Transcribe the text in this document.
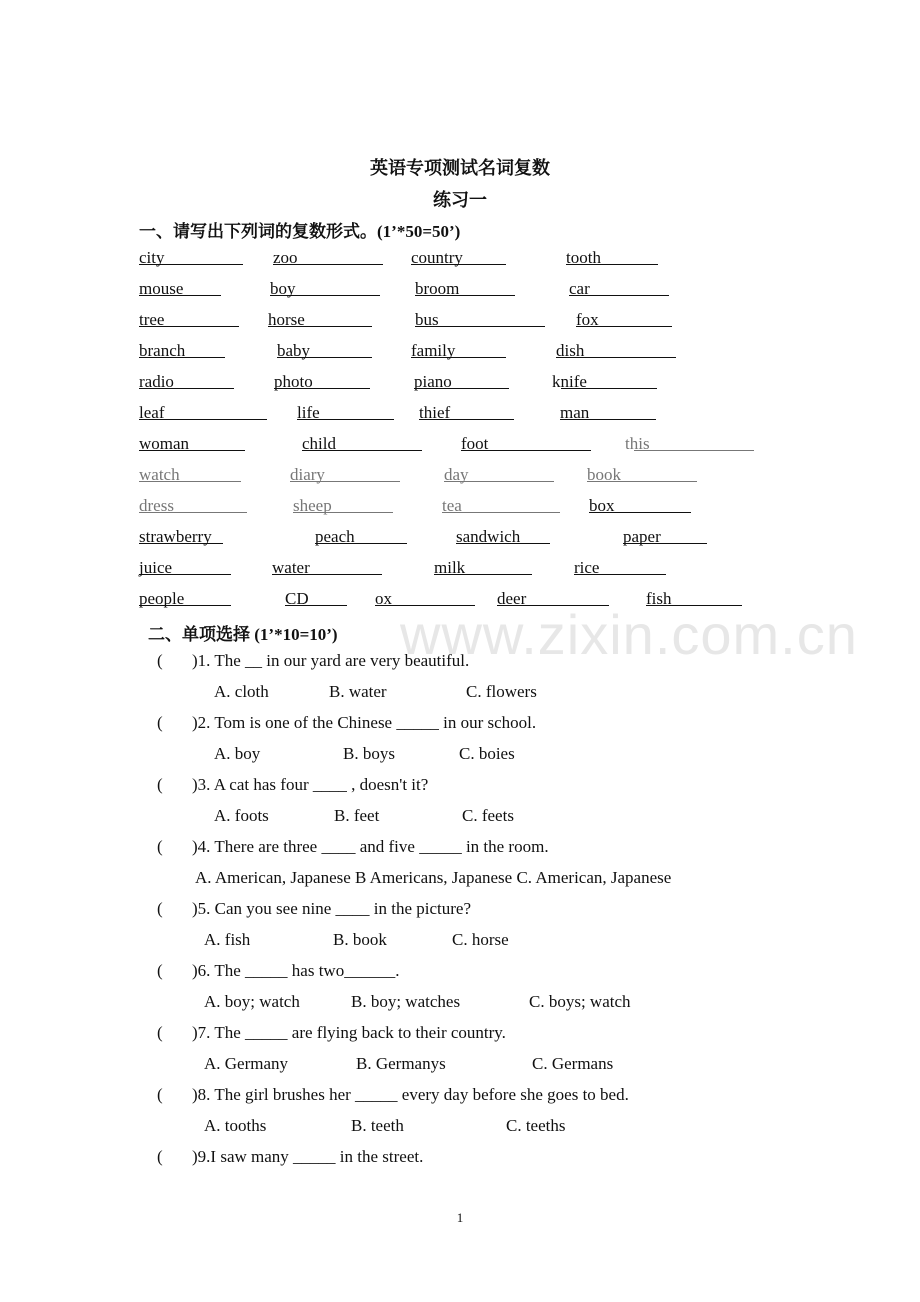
英语专项测试名词复数
练习一
一、请写出下列词的复数形式。(1’*50=50’)
city	zoo	country	tooth
mouse	boy	broom	car
tree	horse	bus	fox
branch	baby	family	dish
radio	photo	piano	knife

leaf	life	thief	man
woman	child	foot	this

watch	diary	day	book
dress	sheep	tea	box
strawberry	peach	sandwich	paper
juice	water	milk	rice
people	CD	ox	deer	fish
www.zixin.com.cn
二、单项选择 (1’*10=10’)
( )1. The __ in our yard are very beautiful.
A. cloth	B. water	C. flowers
( )2. Tom is one of the Chinese _____ in our school.
A. boy	B. boys	C. boies
( )3. A cat has four ____ , doesn't it?
A. foots	B. feet	C. feets
( )4. There are three ____ and five _____ in the room.
A. American, Japanese B Americans, Japanese C. American, Japanese
( )5. Can you see nine ____ in the picture?
A. fish	B. book	C. horse
( )6. The _____ has two______.
A. boy; watch	B. boy; watches	C. boys; watch
( )7. The _____ are flying back to their country.
A. Germany	B. Germanys	C. Germans
( )8. The girl brushes her _____ every day before she goes to bed.
A. tooths	B. teeth	C. teeths
( )9.I saw many _____ in the street.
1
